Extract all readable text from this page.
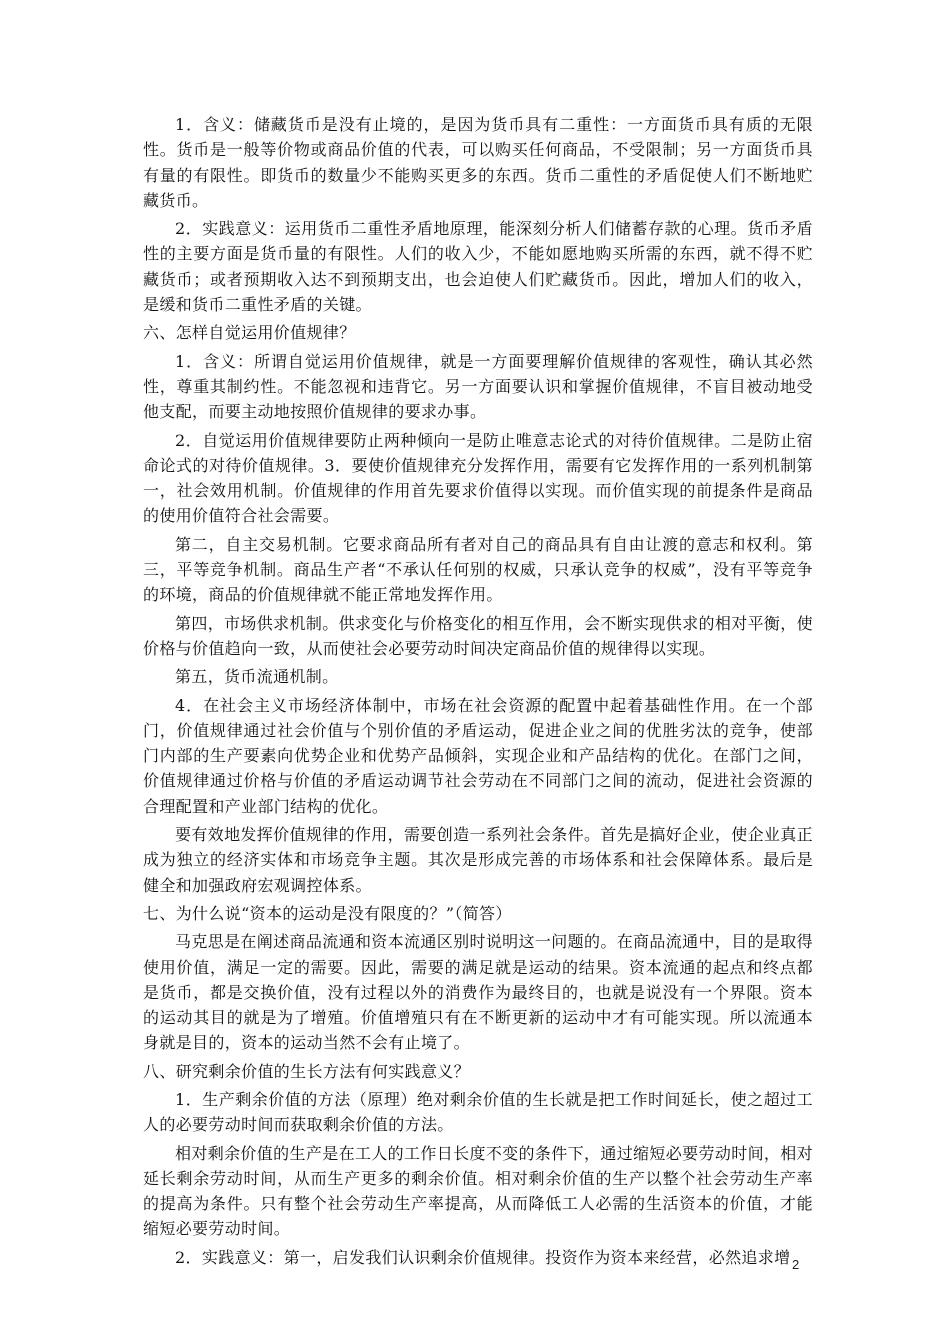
1．含义：储藏货币是没有止境的，是因为货币具有二重性：一方面货币具有质的无限性。货币是一般等价物或商品价值的代表，可以购买任何商品，不受限制；另一方面货币具有量的有限性。即货币的数量少不能购买更多的东西。货币二重性的矛盾促使人们不断地贮藏货币。

2．实践意义：运用货币二重性矛盾地原理，能深刻分析人们储蓄存款的心理。货币矛盾性的主要方面是货币量的有限性。人们的收入少，不能如愿地购买所需的东西，就不得不贮藏货币；或者预期收入达不到预期支出，也会迫使人们贮藏货币。因此，增加人们的收入，是缓和货币二重性矛盾的关键。

六、怎样自觉运用价值规律？

1．含义：所谓自觉运用价值规律，就是一方面要理解价值规律的客观性，确认其必然性，尊重其制约性。不能忽视和违背它。另一方面要认识和掌握价值规律，不盲目被动地受他支配，而要主动地按照价值规律的要求办事。

2．自觉运用价值规律要防止两种倾向一是防止唯意志论式的对待价值规律。二是防止宿命论式的对待价值规律。3．要使价值规律充分发挥作用，需要有它发挥作用的一系列机制第一，社会效用机制。价值规律的作用首先要求价值得以实现。而价值实现的前提条件是商品的使用价值符合社会需要。

第二，自主交易机制。它要求商品所有者对自己的商品具有自由让渡的意志和权利。第三，平等竞争机制。商品生产者“不承认任何别的权威，只承认竞争的权威”，没有平等竞争的环境，商品的价值规律就不能正常地发挥作用。

第四，市场供求机制。供求变化与价格变化的相互作用，会不断实现供求的相对平衡，使价格与价值趋向一致，从而使社会必要劳动时间决定商品价值的规律得以实现。

第五，货币流通机制。

4．在社会主义市场经济体制中，市场在社会资源的配置中起着基础性作用。在一个部门，价值规律通过社会价值与个别价值的矛盾运动，促进企业之间的优胜劣汰的竞争，使部门内部的生产要素向优势企业和优势产品倾斜，实现企业和产品结构的优化。在部门之间，价值规律通过价格与价值的矛盾运动调节社会劳动在不同部门之间的流动，促进社会资源的合理配置和产业部门结构的优化。

要有效地发挥价值规律的作用，需要创造一系列社会条件。首先是搞好企业，使企业真正成为独立的经济实体和市场竞争主题。其次是形成完善的市场体系和社会保障体系。最后是健全和加强政府宏观调控体系。

七、为什么说“资本的运动是没有限度的？”（简答）

马克思是在阐述商品流通和资本流通区别时说明这一问题的。在商品流通中，目的是取得使用价值，满足一定的需要。因此，需要的满足就是运动的结果。资本流通的起点和终点都是货币，都是交换价值，没有过程以外的消费作为最终目的，也就是说没有一个界限。资本的运动其目的就是为了增殖。价值增殖只有在不断更新的运动中才有可能实现。所以流通本身就是目的，资本的运动当然不会有止境了。

八、研究剩余价值的生长方法有何实践意义？

1．生产剩余价值的方法（原理）绝对剩余价值的生长就是把工作时间延长，使之超过工人的必要劳动时间而获取剩余价值的方法。

相对剩余价值的生产是在工人的工作日长度不变的条件下，通过缩短必要劳动时间，相对延长剩余劳动时间，从而生产更多的剩余价值。相对剩余价值的生产以整个社会劳动生产率的提高为条件。只有整个社会劳动生产率提高，从而降低工人必需的生活资本的价值，才能缩短必要劳动时间。

2．实践意义：第一，启发我们认识剩余价值规律。投资作为资本来经营，必然追求增 2
